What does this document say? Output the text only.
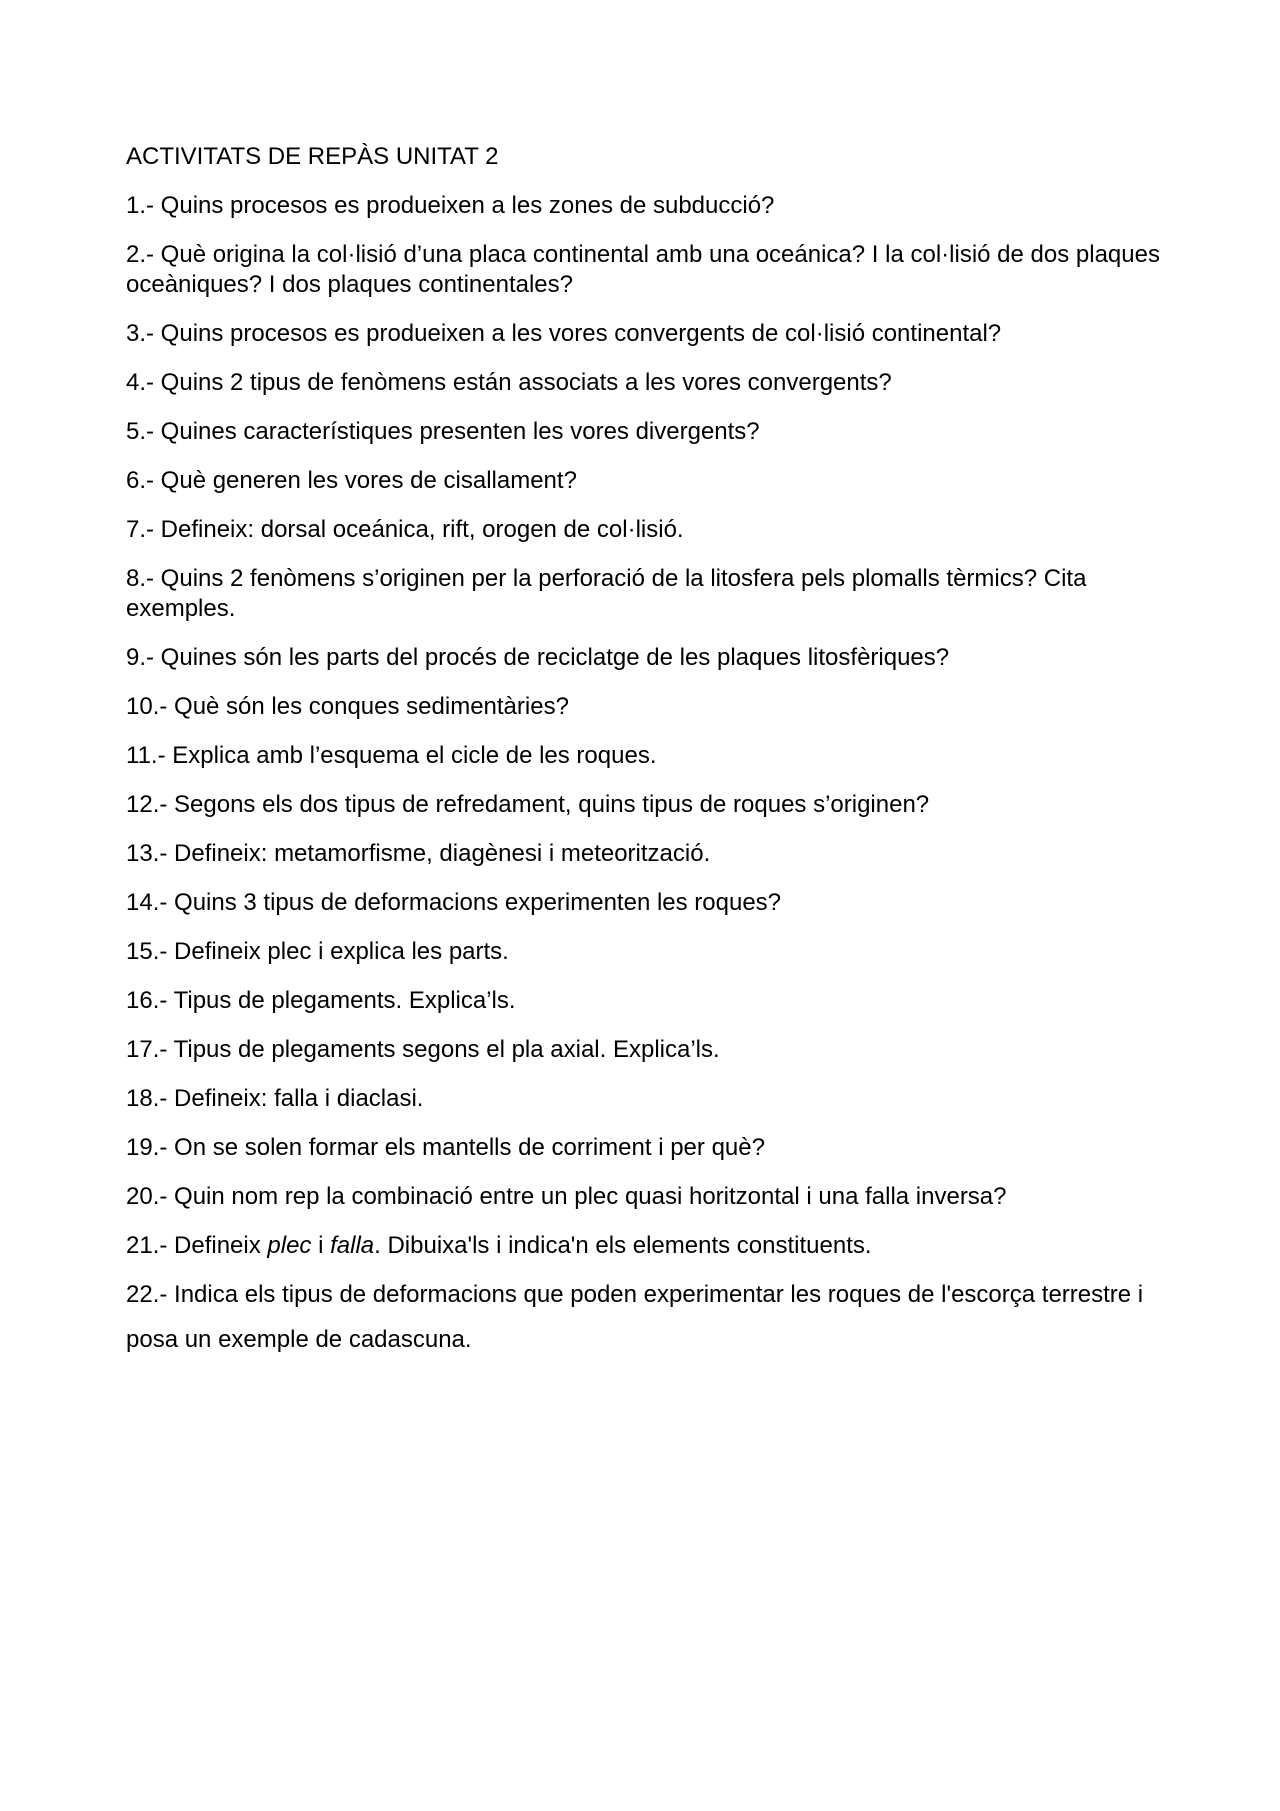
ACTIVITATS DE REPÀS UNITAT 2
1.- Quins procesos es produeixen a les zones de subducció?
2.- Què origina la col·lisió d’una placa continental amb una oceánica? I la col·lisió de dos plaques oceàniques? I dos plaques continentales?
3.- Quins procesos es produeixen a les vores convergents de col·lisió continental?
4.- Quins 2 tipus de fenòmens están associats a les vores convergents?
5.- Quines característiques presenten les vores divergents?
6.- Què generen les vores de cisallament?
7.- Defineix: dorsal oceánica, rift, orogen de col·lisió.
8.- Quins 2 fenòmens s’originen per la perforació de la litosfera pels plomalls tèrmics? Cita exemples.
9.- Quines són les parts del procés de reciclatge de les plaques litosfèriques?
10.- Què són les conques sedimentàries?
11.- Explica amb l’esquema el cicle de les roques.
12.- Segons els dos tipus de refredament, quins tipus de roques s’originen?
13.- Defineix: metamorfisme, diagènesi i meteorització.
14.- Quins 3 tipus de deformacions experimenten les roques?
15.- Defineix plec i explica les parts.
16.- Tipus de plegaments. Explica’ls.
17.- Tipus de plegaments segons el pla axial. Explica’ls.
18.- Defineix: falla i diaclasi.
19.- On se solen formar els mantells de corriment i per què?
20.- Quin nom rep la combinació entre un plec quasi horitzontal i una falla inversa?
21.- Defineix plec i falla. Dibuixa'ls i indica'n els elements constituents.
22.- Indica els tipus de deformacions que poden experimentar les roques de l'escorça terrestre i posa un exemple de cadascuna.
